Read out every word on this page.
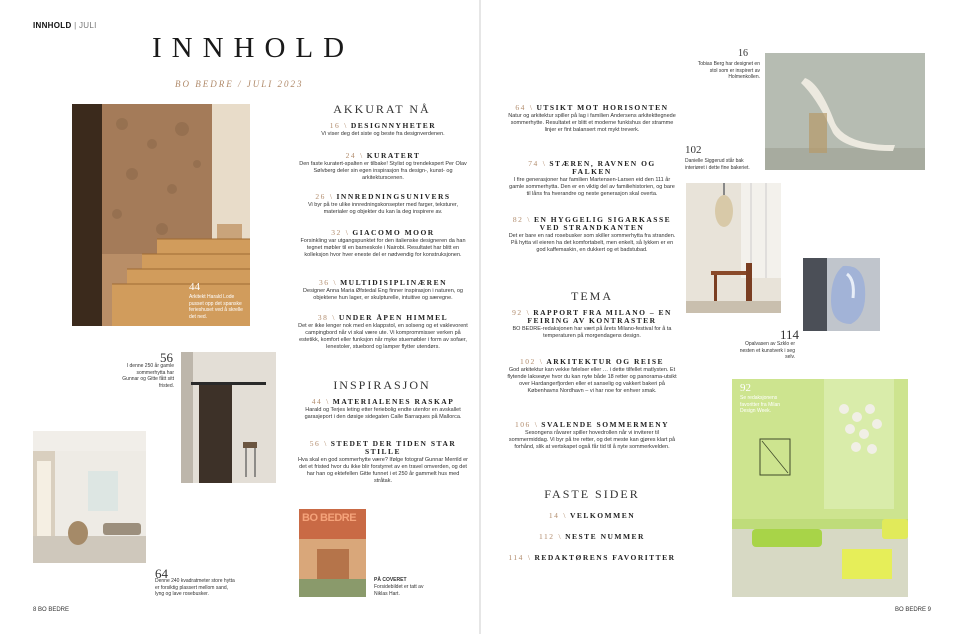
INNHOLD | JULI
INNHOLD
BO BEDRE / JULI 2023
44
Arkitekt Harald Lode pusset opp det spanske ferieshuset ved å skrelle det ned.
56
I denne 250 år gamle sommerhytta har Gunnar og Gitte fått sitt fristed.
64
Denne 240 kvadratmeter store hytta er forsiktig plassert mellom sand, lyng og lave rosebusker.
AKKURAT NÅ
16 \ DESIGNNYHETER
Vi viser deg det siste og beste fra designverdenen.
24 \ KURATERT
Den faste kuratert-spalten er tilbake! Stylist og trendekspert Per Olav Sølvberg deler sin egen inspirasjon fra design-, kunst- og arkitekturscenen.
26 \ INNREDNINGSUNIVERS
Vi byr på tre ulike innredningskonsepter med farger, teksturer, materialer og objekter du kan la deg inspirere av.
32 \ GIACOMO MOOR
Forsinkling var utgangspunktet for den italienske designeren da han tegnet møbler til en barneskole i Nairobi. Resultatet har blitt en kolleksjon hvor hver eneste del er nødvendig for konstruksjonen.
36 \ MULTIDISIPLINÆREN
Designer Anna Maria Øfstedal Eng finner inspirasjon i naturen, og objektene hun lager, er skulpturelle, intuitive og særegne.
38 \ UNDER ÅPEN HIMMEL
Det er ikke lenger nok med en klappstol, en solseng og et vaklevorent campingbord når vi skal være ute. Vi komprommisser verken på estetikk, komfort eller funksjon når myke stuemøbler i form av sofaer, lenestoler, stuebord og lamper flytter utendørs.
INSPIRASJON
44 \ MATERIALENES RASKAP
Harald og Terjes leting etter feriebolig endte utenfor en avskallet garasjeport i den døsige sidegaten Calle Barraques på Mallorca.
56 \ STEDET DER TIDEN STAR STILLE
Hva skal en god sommerhytte være? Ifølge fotograf Gunnar Merrild er det et fristed hvor du ikke blir forstyrret av en travel omverden, og det har han og ektefellen Gitte funnet i et 250 år gammelt hus med stråtak.
BO BEDRE
PÅ COVERET
Forsidebildet er tatt av Niklas Hart.
8 BO BEDRE
64 \ UTSIKT MOT HORISONTEN
Natur og arkitektur spiller på lag i familien Andersens arkitekttegnede sommerhytte. Resultatet er blitt et moderne funkishus der stramme linjer er fint balansert mot mykt treverk.
74 \ STÆREN, RAVNEN OG FALKEN
I fire generasjoner har familien Martensen-Larsen eid den 111 år gamle sommerhytta. Den er en viktig del av familiehistorien, og bare til låns fra hverandre og neste generasjon skal overta.
82 \ EN HYGGELIG SIGARKASSE VED STRANDKANTEN
Det er bare en rad rosebusker som skiller sommerhytta fra stranden. På hytta vil eieren ha det komfortabelt, men enkelt, så lykken er en god kaffemaskin, en dukkert og et badstubad.
TEMA
92 \ RAPPORT FRA MILANO – EN FEIRING AV KONTRASTER
BO BEDRE-redaksjonen har vært på årets Milano-festival for å ta temperaturen på morgendagens design.
102 \ ARKITEKTUR OG REISE
God arkitektur kan vekke følelser eller … i dette tilfellet matlysten. Et flytende lakseøye hvor du kan nyte både 18 retter og panorama-utsikt over Hardangerfjorden eller et sanselig og vakkert bakeri på Københavns Nordhavn – vi har noe for enhver smak.
106 \ SVALENDE SOMMERMENY
Sesongens råvarer spiller hovedrollen når vi inviterer til sommermiddag. Vi byr på tre retter, og det meste kan gjøres klart på forhånd, slik at vertskapet også får tid til å nyte sommerkvelden.
FASTE SIDER
14 \ VELKOMMEN
112 \ NESTE NUMMER
114 \ REDAKTØRENS FAVORITTER
16
Tobias Berg har designet en stol som er inspirert av Holmenkollen.
102
Danielle Siggerud står bak interiøret i dette fine bakeriet.
114
Opalvasen av Szklo er nesten et kunstverk i seg selv.
92
Se redaksjonens favoritter fra Milan Design Week.
BO BEDRE 9
